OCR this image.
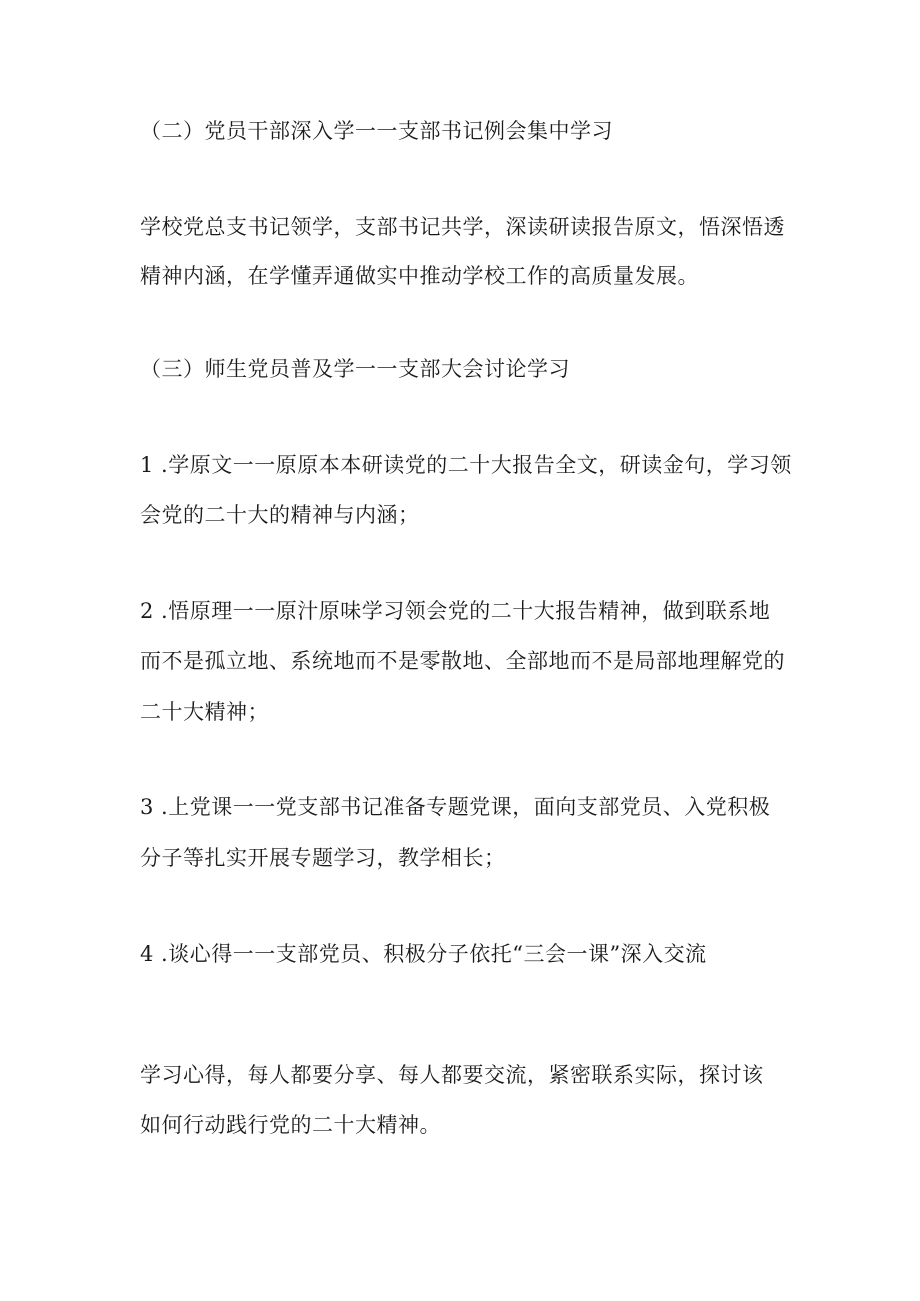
（二）党员干部深入学一一支部书记例会集中学习
学校党总支书记领学，支部书记共学，深读研读报告原文，悟深悟透
精神内涵，在学懂弄通做实中推动学校工作的高质量发展。
（三）师生党员普及学一一支部大会讨论学习
1 .学原文一一原原本本研读党的二十大报告全文，研读金句，学习领
会党的二十大的精神与内涵；
2 .悟原理一一原汁原味学习领会党的二十大报告精神，做到联系地
而不是孤立地、系统地而不是零散地、全部地而不是局部地理解党的
二十大精神；
3 .上党课一一党支部书记准备专题党课，面向支部党员、入党积极
分子等扎实开展专题学习，教学相长；
4 .谈心得一一支部党员、积极分子依托“三会一课”深入交流
学习心得，每人都要分享、每人都要交流，紧密联系实际，探讨该
如何行动践行党的二十大精神。
